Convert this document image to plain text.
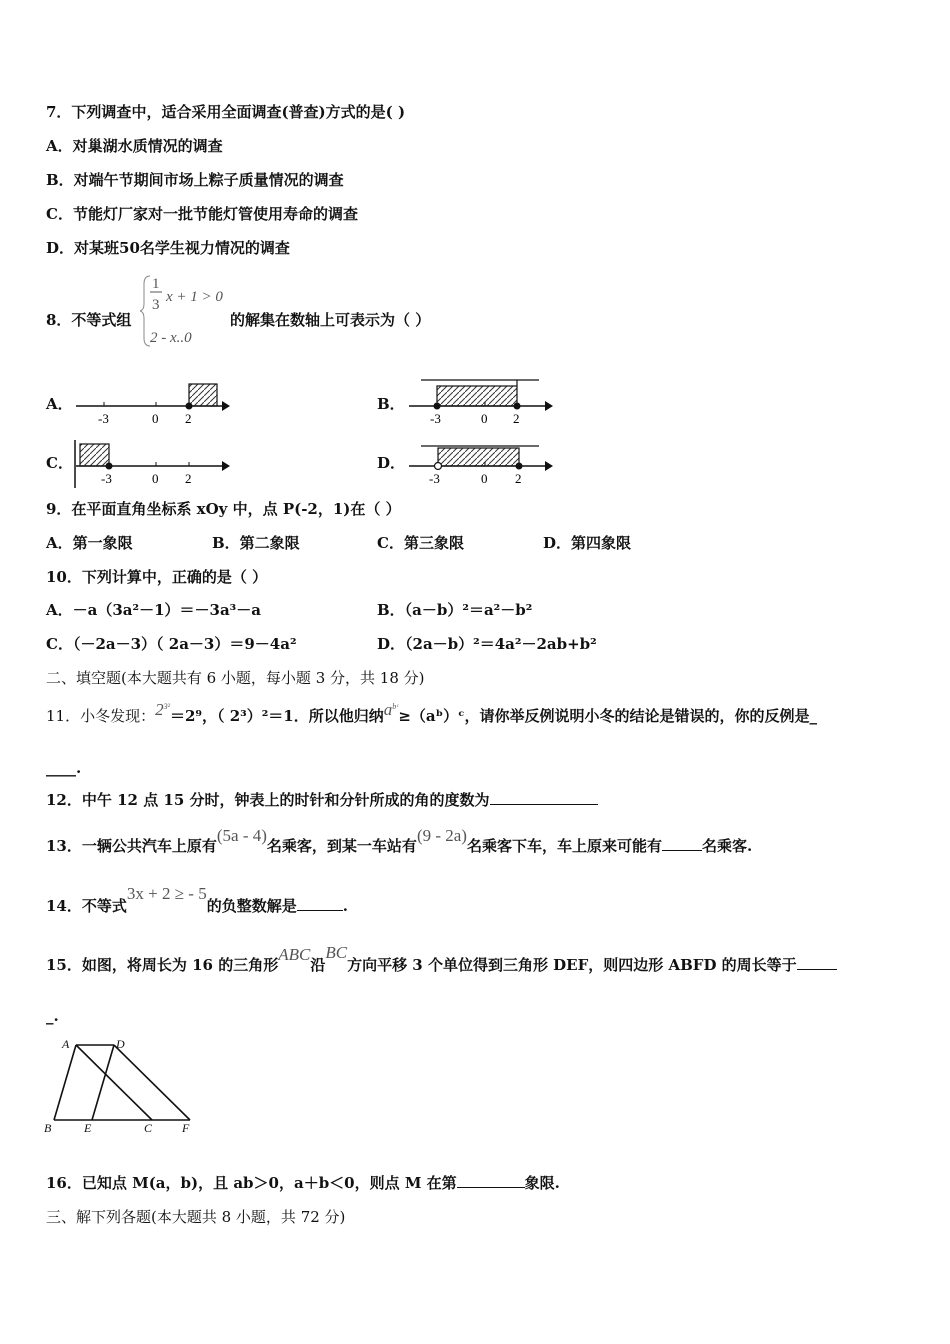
7．下列调查中，适合采用全面调查(普查)方式的是( )
A．对巢湖水质情况的调查
B．对端午节期间市场上粽子质量情况的调查
C．节能灯厂家对一批节能灯管使用寿命的调查
D．对某班50名学生视力情况的调查
8．不等式组
1
3 x + 1 > 0
2 - x..0
的解集在数轴上可表示为（ ）
A．
-3	0 2
B．
-3	0 2
C．
-3	0 2
D．
-3	0 2
9．在平面直角坐标系 xOy 中，点 P(-2，1)在（ ）
A．第一象限	B．第二象限	C．第三象限	D．第四象限
10．下列计算中，正确的是（ ）
A．－a（3a²－1）＝－3a³－a	B．（a－b）²＝a²－b²
C．（－2a－3）（ 2a－3）＝9－4a²	D．（2a－b）²＝4a²－2ab+b²
二、填空题(本大题共有 6 小题，每小题 3 分，共 18 分)
11．小冬发现：$2^{3^2}=2^9$，（ 2³）²＝1．所以他归纳$a^{bᶜ}\ge(aᵇ)ᶜ$，请你举反例说明小冬的结论是错误的，你的反例是_
____.
12．中午 12 点 15 分时，钟表上的时针和分针所成的角的度数为
13．一辆公共汽车上原有(5a - 4)名乘客，到某一车站有(9 - 2a)名乘客下车，车上原来可能有	名乘客.
14．不等式3x + 2 ≥ - 5的负整数解是	.
15．如图，将周长为 16 的三角形ABC沿BC方向平移 3 个单位得到三角形 DEF，则四边形 ABFD 的周长等于
_.
A	D
B	E	C F
16．已知点 M(a，b)，且 ab＞0，a＋b＜0，则点 M 在第	象限.
三、解下列各题(本大题共 8 小题，共 72 分)
